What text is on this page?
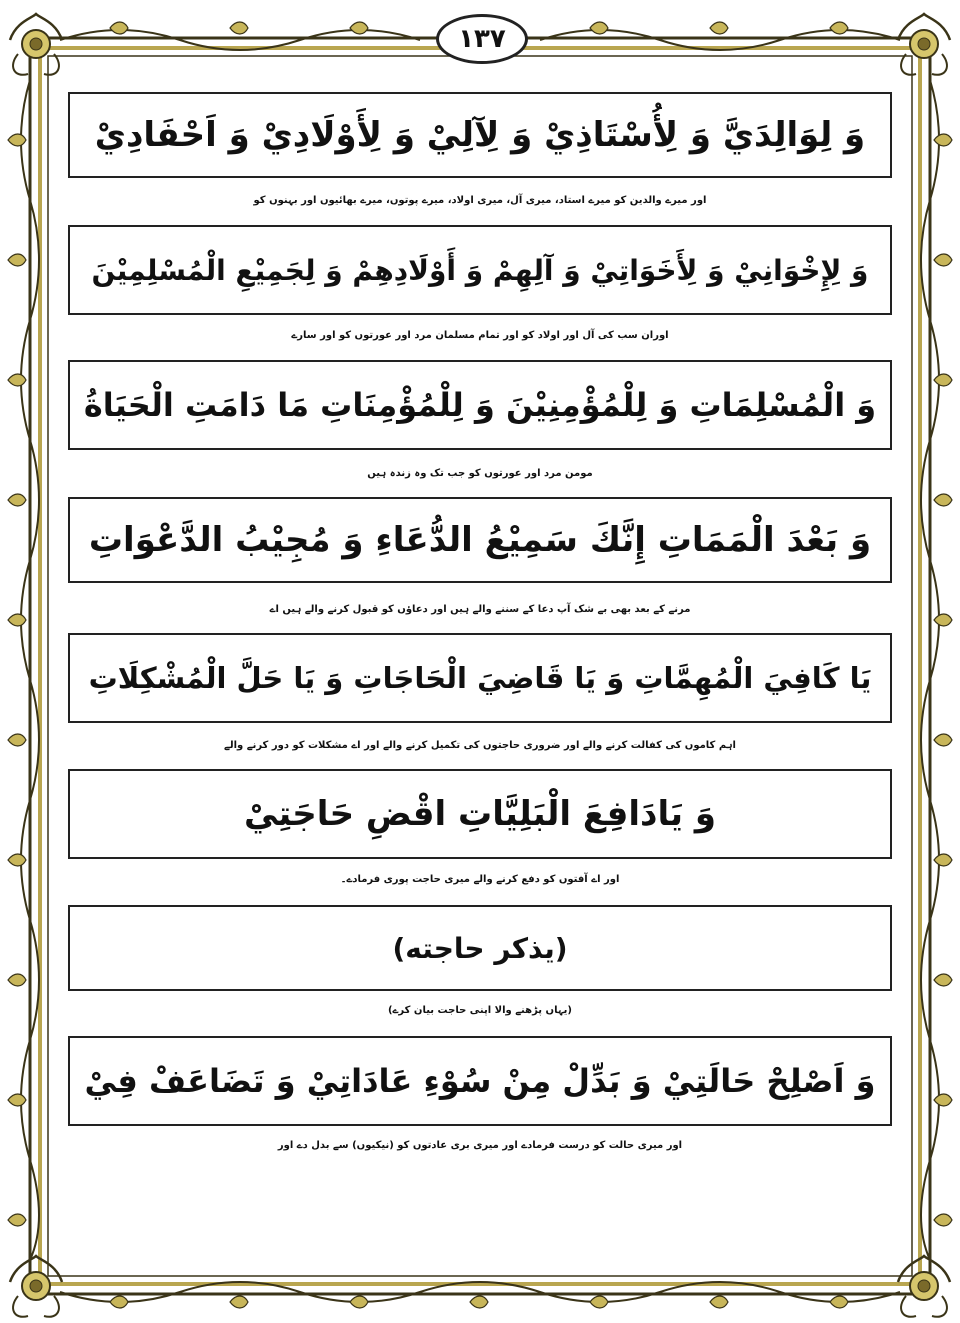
١٣٧
وَ لِوَالِدَيَّ وَ لِأُسْتَاذِيْ وَ لِآلِيْ وَ لِأَوْلَادِيْ وَ اَحْفَادِيْ
اور میرے والدین کو میرے استاد، میری آل، میری اولاد، میرے پوتوں، میرے بھائیوں اور بہنوں کو
وَ لِإِخْوَانِيْ وَ لِأَخَوَاتِيْ وَ آلِهِمْ وَ أَوْلَادِهِمْ وَ لِجَمِيْعِ الْمُسْلِمِيْنَ
اوران سب کی آل اور اولاد کو اور تمام مسلمان مرد اور عورتوں کو اور سارے
وَ الْمُسْلِمَاتِ وَ لِلْمُؤْمِنِيْنَ وَ لِلْمُؤْمِنَاتِ مَا دَامَتِ الْحَيَاةُ
مومن مرد اور عورتوں کو جب تک وہ زندہ ہیں
وَ بَعْدَ الْمَمَاتِ إِنَّكَ سَمِيْعُ الدُّعَاءِ وَ مُجِيْبُ الدَّعْوَاتِ
مرنے کے بعد بھی بے شک آپ دعا کے سننے والے ہیں اور دعاؤں کو قبول کرنے والے ہیں اے
يَا كَافِيَ الْمُهِمَّاتِ وَ يَا قَاضِيَ الْحَاجَاتِ وَ يَا حَلَّ الْمُشْكِلَاتِ
اہم کاموں کی کفالت کرنے والے اور ضروری حاجتوں کی تکمیل کرنے والے اور اے مشکلات کو دور کرنے والے
وَ يَادَافِعَ الْبَلِيَّاتِ اقْضِ حَاجَتِيْ
اور اے آفتوں کو دفع کرنے والے میری حاجت پوری فرمادے۔
(يذكر حاجته)
(یہاں پڑھنے والا اپنی حاجت بیان کرے)
وَ اَصْلِحْ حَالَتِيْ وَ بَدِّلْ مِنْ سُوْءِ عَادَاتِيْ وَ تَضَاعَفْ فِيْ
اور میری حالت کو درست فرمادے اور میری بری عادتوں کو (نیکیوں) سے بدل دے اور
